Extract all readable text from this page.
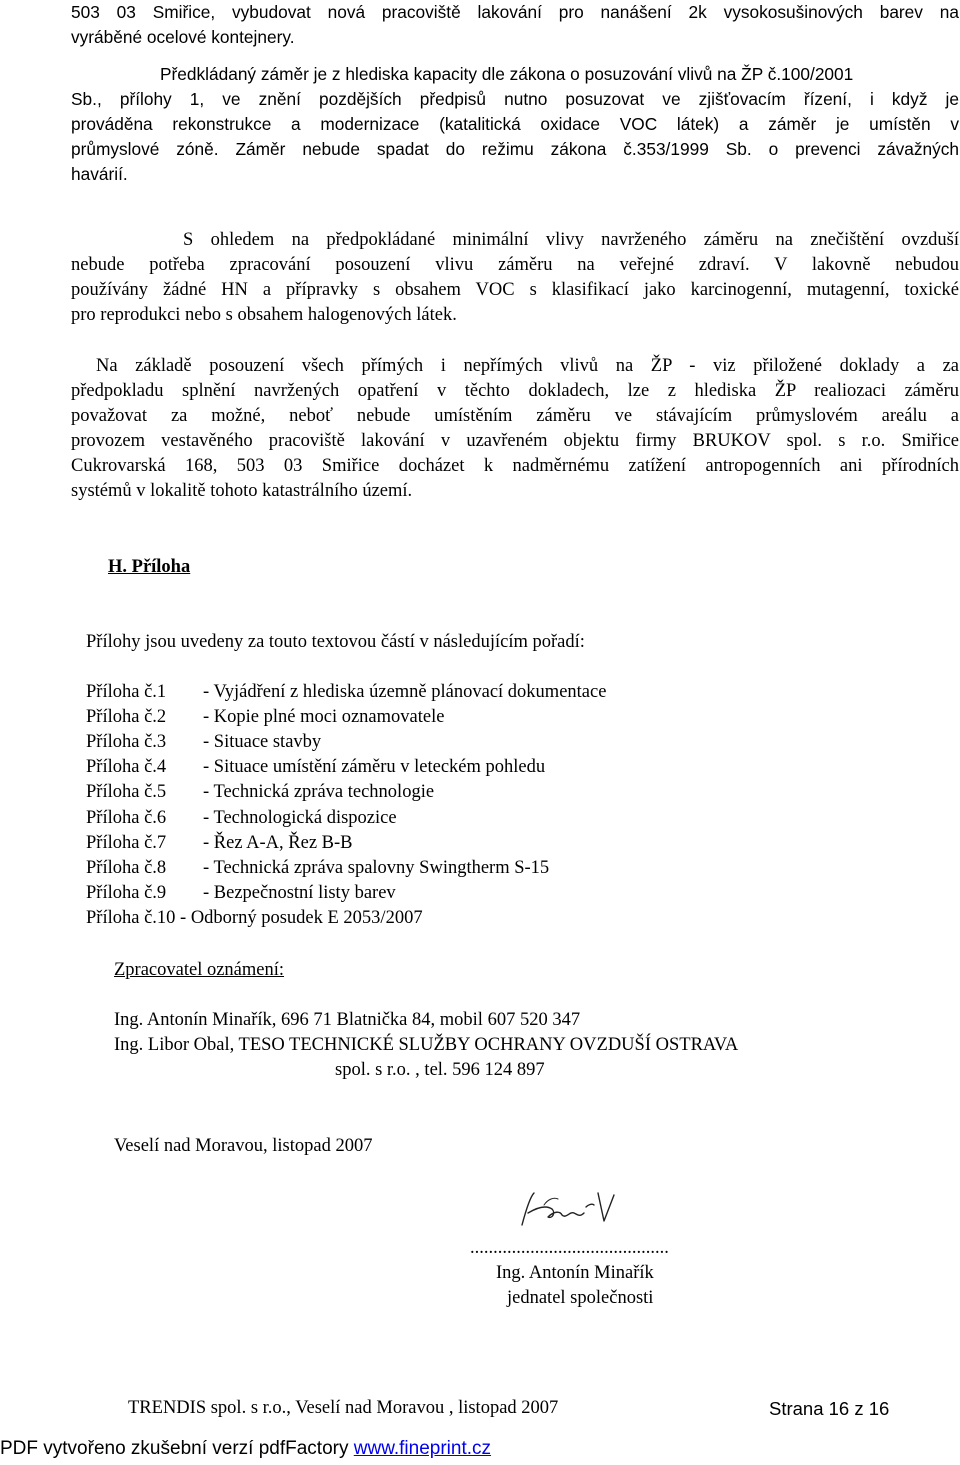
503 03 Smiřice, vybudovat nová pracoviště lakování pro nanášení 2k vysokosušinových barev na
vyráběné ocelové kontejnery.
Předkládaný záměr je z hlediska kapacity dle zákona o posuzování vlivů na ŽP č.100/2001
Sb., přílohy 1, ve znění pozdějších předpisů nutno posuzovat ve zjišťovacím řízení, i když je
prováděna rekonstrukce a modernizace (katalitická oxidace VOC látek) a záměr je umístěn v
průmyslové zóně. Záměr nebude spadat do režimu zákona č.353/1999 Sb. o prevenci závažných
havárií.
S ohledem na předpokládané minimální vlivy navrženého záměru na znečištění ovzduší
nebude potřeba zpracování posouzení vlivu záměru na veřejné zdraví. V lakovně nebudou
používány žádné HN a přípravky s obsahem VOC s klasifikací jako karcinogenní, mutagenní, toxické
pro reprodukci nebo s obsahem halogenových látek.
Na základě posouzení všech přímých i nepřímých vlivů na ŽP - viz přiložené doklady a za
předpokladu splnění navržených opatření v těchto dokladech, lze z hlediska ŽP realiozaci záměru
považovat za možné, neboť nebude umístěním záměru ve stávajícím průmyslovém areálu a
provozem vestavěného pracoviště lakování v uzavřeném objektu firmy BRUKOV spol. s r.o. Smiřice
Cukrovarská 168, 503 03 Smiřice docházet k nadměrnému zatížení antropogenních ani přírodních
systémů v lokalitě tohoto katastrálního území.
H. Příloha
Přílohy jsou uvedeny za touto textovou částí v následujícím pořadí:
Příloha č.1 - Vyjádření z hlediska územně plánovací dokumentace
Příloha č.2 - Kopie plné moci oznamovatele
Příloha č.3 - Situace stavby
Příloha č.4 - Situace umístění záměru v leteckém pohledu
Příloha č.5 - Technická zpráva technologie
Příloha č.6 - Technologická dispozice
Příloha č.7 - Řez A-A, Řez B-B
Příloha č.8 - Technická zpráva spalovny Swingtherm S-15
Příloha č.9 - Bezpečnostní listy barev
Příloha č.10 - Odborný posudek E 2053/2007
Zpracovatel oznámení:
Ing. Antonín Minařík, 696 71 Blatnička 84, mobil 607 520 347
Ing. Libor Obal, TESO TECHNICKÉ SLUŽBY OCHRANY OVZDUŠÍ OSTRAVA
spol. s r.o. , tel. 596 124 897
Veselí nad Moravou, listopad 2007
...........................................
Ing. Antonín Minařík
jednatel společnosti
TRENDIS spol. s r.o., Veselí nad Moravou , listopad 2007	Strana 16 z 16
PDF vytvořeno zkušební verzí pdfFactory www.fineprint.cz
